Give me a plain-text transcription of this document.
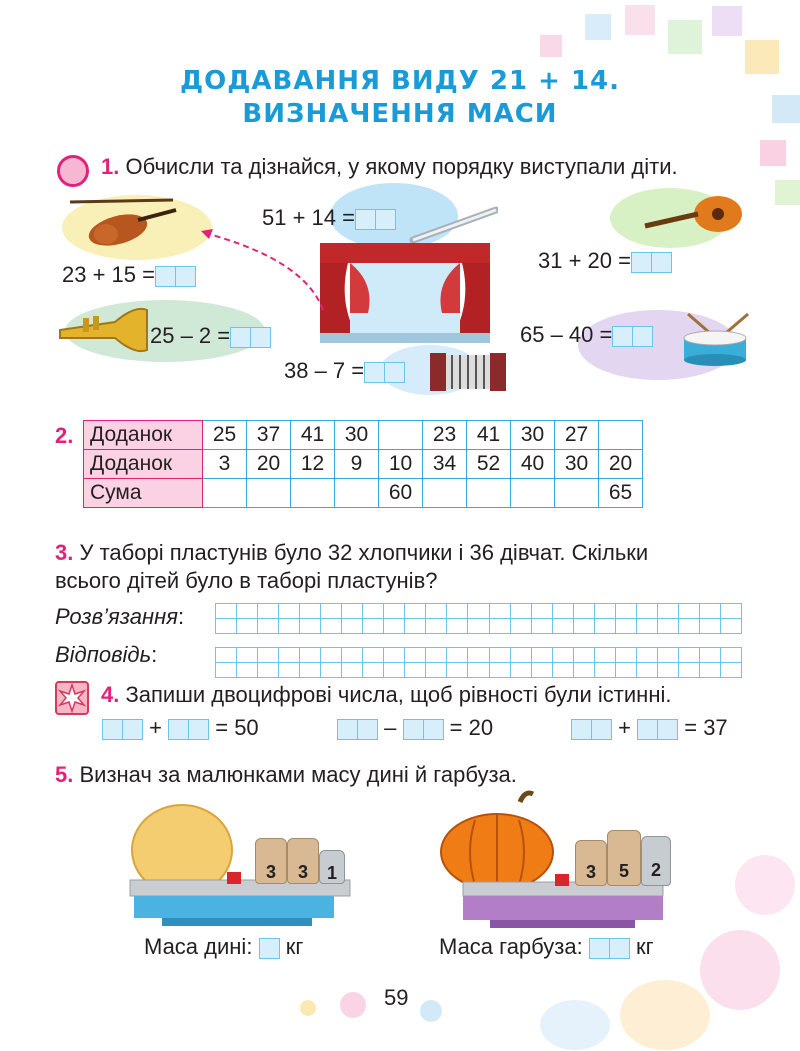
ДОДАВАННЯ ВИДУ 21 + 14.
ВИЗНАЧЕННЯ МАСИ
1. Обчисли та дізнайся, у якому порядку виступали діти.
23 + 15 =
51 + 14 =
31 + 20 =
25 – 2 =
38 – 7 =
65 – 40 =
2. Доданок	25	37	41	30		23	41	30	27	
Доданок	3	20	12	9	10	34	52	40	30	20
Сума					60					65
3. У таборі пластунів було 32 хлопчики і 36 дівчат. Скільки
всього дітей було в таборі пластунів?
Розв’язання:
Відповідь:
4. Запиши двоцифрові числа, щоб рівності були істинні.
+ = 50	– = 20	+ = 37
5. Визнач за малюнками масу дині й гарбуза.
3	3	1	3	5	2
Маса дині: кг	Маса гарбуза: кг
59
